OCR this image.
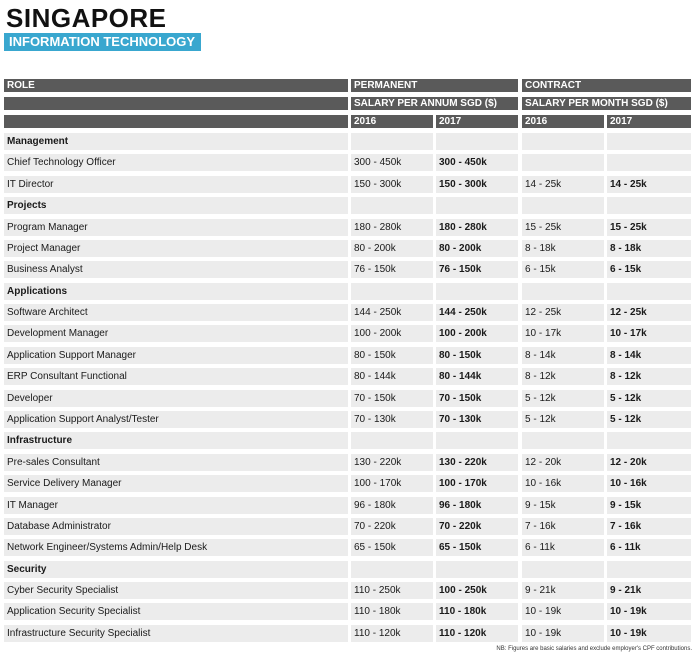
SINGAPORE
INFORMATION TECHNOLOGY
ROLE	PERMANENT	CONTRACT
SALARY PER ANNUM SGD ($)	SALARY PER MONTH SGD ($)
2016	2017	2016	2017
Management
Chief Technology Officer	300 - 450k	300 - 450k
IT Director	150 - 300k	150 - 300k	14 - 25k	14 - 25k
Projects
Program Manager	180 - 280k	180 - 280k	15 - 25k	15 - 25k
Project Manager	80 - 200k	80 - 200k	8 - 18k	8 - 18k
Business Analyst	76 - 150k	76 - 150k	6 - 15k	6 - 15k
Applications
Software Architect	144 - 250k	144 - 250k	12 - 25k	12 - 25k
Development Manager	100 - 200k	100 - 200k	10 - 17k	10 - 17k
Application Support Manager	80 - 150k	80 - 150k	8 - 14k	8 - 14k
ERP Consultant Functional	80 - 144k	80 - 144k	8 - 12k	8 - 12k
Developer	70 - 150k	70 - 150k	5 - 12k	5 - 12k
Application Support Analyst/Tester	70 - 130k	70 - 130k	5 - 12k	5 - 12k
Infrastructure
Pre-sales Consultant	130 - 220k	130 - 220k	12 - 20k	12 - 20k
Service Delivery Manager	100 - 170k	100 - 170k	10 - 16k	10 - 16k
IT Manager	96 - 180k	96 - 180k	9 - 15k	9 - 15k
Database Administrator	70 - 220k	70 - 220k	7 - 16k	7 - 16k
Network Engineer/Systems Admin/Help Desk	65 - 150k	65 - 150k	6 - 11k	6 - 11k
Security
Cyber Security Specialist	110 - 250k	100 - 250k	9 - 21k	9 - 21k
Application Security Specialist	110 - 180k	110 - 180k	10 - 19k	10 - 19k
Infrastructure Security Specialist	110 - 120k	110 - 120k	10 - 19k	10 - 19k
NB: Figures are basic salaries and exclude employer's CPF contributions.
